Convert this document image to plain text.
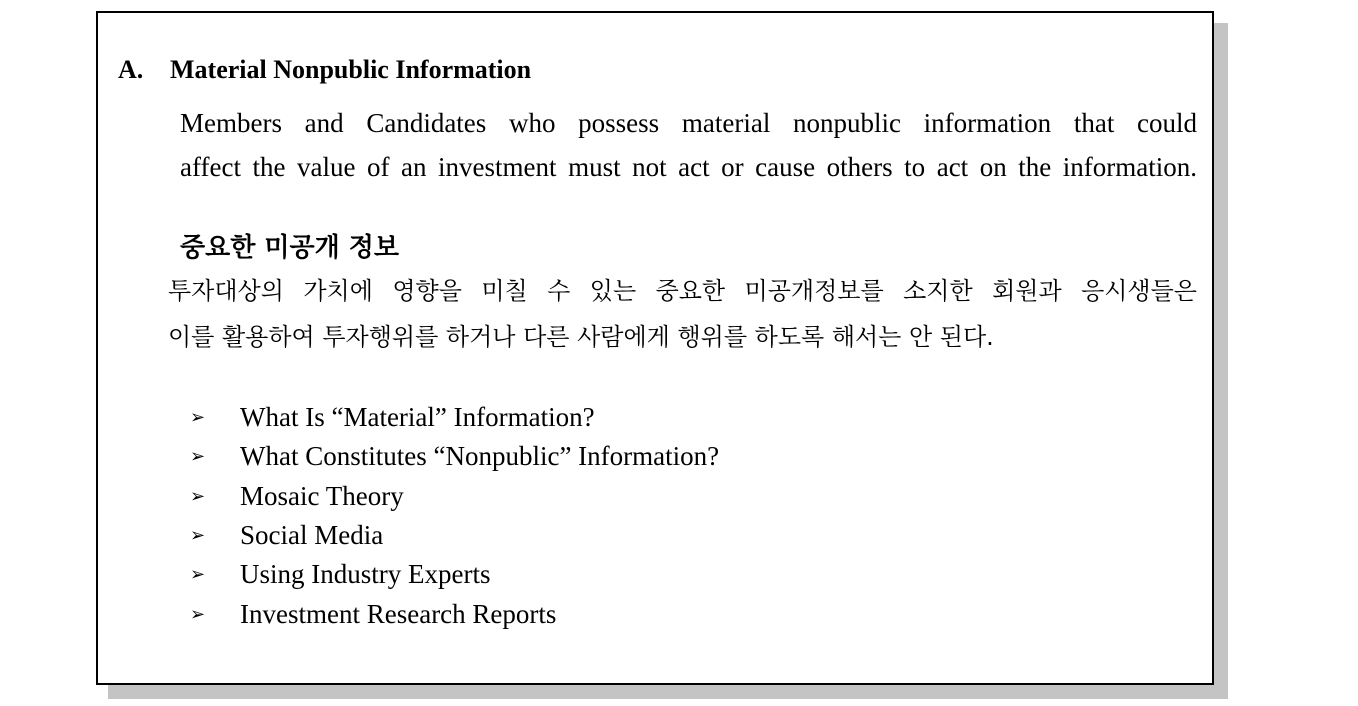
A. Material Nonpublic Information
Members and Candidates who possess material nonpublic information that could
affect the value of an investment must not act or cause others to act on the information.
중요한 미공개 정보
투자대상의 가치에 영향을 미칠 수 있는 중요한 미공개정보를 소지한 회원과 응시생들은
이를 활용하여 투자행위를 하거나 다른 사람에게 행위를 하도록 해서는 안 된다.
➢	What Is “Material” Information?
➢	What Constitutes “Nonpublic” Information?
➢	Mosaic Theory
➢	Social Media
➢	Using Industry Experts
➢	Investment Research Reports
